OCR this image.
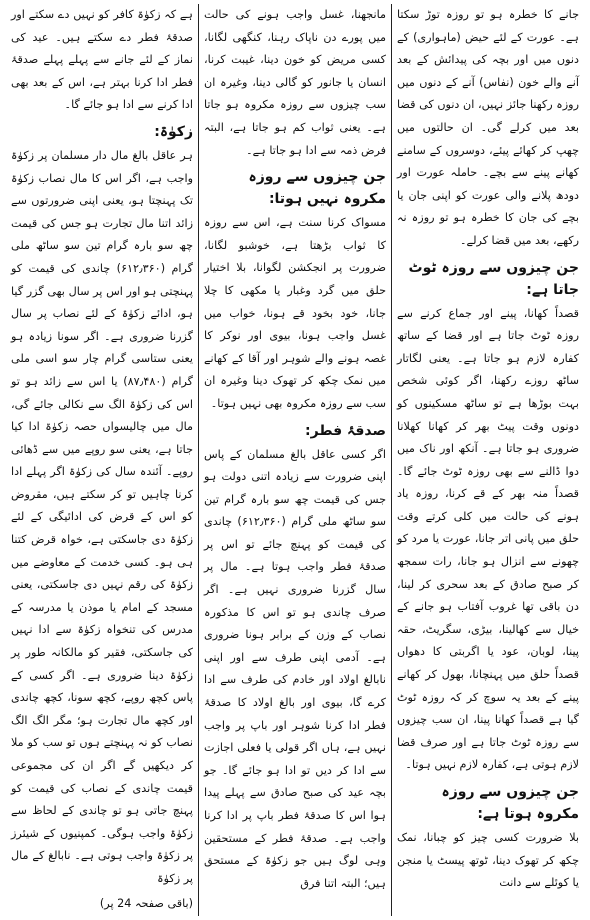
جانے کا خطرہ ہو تو روزہ توڑ سکتا ہے۔ عورت کے لئے حیض (ماہواری) کے دنوں میں اور بچہ کی پیدائش کے بعد آنے والے خون (نفاس) آنے کے دنوں میں روزہ رکھنا جائز نہیں، ان دنوں کی قضا بعد میں کرلے گی۔ ان حالتوں میں چھپ کر کھائے پیئے، دوسروں کے سامنے کھانے پینے سے بچے۔ حاملہ عورت اور دودھ پلانے والی عورت کو اپنی جان یا بچے کی جان کا خطرہ ہو تو روزہ نہ رکھے، بعد میں قضا کرلے۔

جن چیزوں سے روزہ ٹوٹ جاتا ہے:

قصداً کھانا، پینے اور جماع کرنے سے روزہ ٹوٹ جاتا ہے اور قضا کے ساتھ کفارہ لازم ہو جاتا ہے۔ یعنی لگاتار ساٹھ روزے رکھنا، اگر کوئی شخص بہت بوڑھا ہے تو ساٹھ مسکینوں کو دونوں وقت پیٹ بھر کر کھانا کھلانا ضروری ہو جاتا ہے۔ آنکھ اور ناک میں دوا ڈالنے سے بھی روزہ ٹوٹ جائے گا۔ قصداً منہ بھر کے قے کرنا، روزہ یاد ہونے کی حالت میں کلی کرتے وقت حلق میں پانی اتر جانا، عورت یا مرد کو چھونے سے انزال ہو جانا، رات سمجھ کر صبح صادق کے بعد سحری کر لینا، دن باقی تھا غروب آفتاب ہو جانے کے خیال سے کھالینا، بیڑی، سگریٹ، حقہ پینا، لوبان، عود یا اگربتی کا دھواں قصداً حلق میں پہنچانا، بھول کر کھانے پینے کے بعد یہ سوچ کر کہ روزہ ٹوٹ گیا ہے قصداً کھانا پینا، ان سب چیزوں سے روزہ ٹوٹ جاتا ہے اور صرف قضا لازم ہوتی ہے، کفارہ لازم نہیں ہوتا۔

جن چیزوں سے روزہ مکروہ ہوتا ہے:

بلا ضرورت کسی چیز کو چبانا، نمک چکھ کر تھوک دینا، ٹوتھ پیسٹ یا منجن یا کوئلے سے دانت

مانجھنا، غسل واجب ہونے کی حالت میں پورے دن ناپاک رہنا، کنگھی لگانا، کسی مریض کو خون دینا، غیبت کرنا، انسان یا جانور کو گالی دینا، وغیرہ ان سب چیزوں سے روزہ مکروہ ہو جاتا ہے۔ یعنی ثواب کم ہو جاتا ہے، البتہ فرض ذمہ سے ادا ہو جاتا ہے۔

جن چیزوں سے روزہ مکروہ نہیں ہوتا:

مسواک کرنا سنت ہے، اس سے روزہ کا ثواب بڑھتا ہے، خوشبو لگانا، ضرورت پر انجکشن لگوانا، بلا اختیار حلق میں گرد وغبار یا مکھی کا چلا جانا، خود بخود قے ہونا، خواب میں غسل واجب ہونا، بیوی اور نوکر کا غصہ ہونے والے شوہر اور آقا کے کھانے میں نمک چکھ کر تھوک دینا وغیرہ ان سب سے روزہ مکروہ بھی نہیں ہوتا۔

صدقۂ فطر:

اگر کسی عاقل بالغ مسلمان کے پاس اپنی ضرورت سے زیادہ اتنی دولت ہو جس کی قیمت چھ سو بارہ گرام تین سو ساٹھ ملی گرام (۶۱۲٫۳۶۰) چاندی کی قیمت کو پہنچ جائے تو اس پر صدقۂ فطر واجب ہوتا ہے۔ مال پر سال گزرنا ضروری نہیں ہے۔ اگر صرف چاندی ہو تو اس کا مذکورہ نصاب کے وزن کے برابر ہونا ضروری ہے۔ آدمی اپنی طرف سے اور اپنی نابالغ اولاد اور خادم کی طرف سے ادا کرے گا، بیوی اور بالغ اولاد کا صدقۂ فطر ادا کرنا شوہر اور باپ پر واجب نہیں ہے، ہاں اگر قولی یا فعلی اجازت سے ادا کر دیں تو ادا ہو جائے گا۔ جو بچہ عید کی صبح صادق سے پہلے پیدا ہوا اس کا صدقۂ فطر باپ پر ادا کرنا واجب ہے۔ صدقۂ فطر کے مستحقین وہی لوگ ہیں جو زکوٰۃ کے مستحق ہیں؛ البتہ اتنا فرق

ہے کہ زکوٰۃ کافر کو نہیں دے سکتے اور صدقۂ فطر دے سکتے ہیں۔ عید کی نماز کے لئے جانے سے پہلے پہلے صدقۂ فطر ادا کرنا بہتر ہے، اس کے بعد بھی ادا کرنے سے ادا ہو جائے گا۔

زکوٰۃ:

ہر عاقل بالغ مال دار مسلمان پر زکوٰۃ واجب ہے، اگر اس کا مال نصاب زکوٰۃ تک پہنچتا ہو، یعنی اپنی ضرورتوں سے زائد اتنا مال تجارت ہو جس کی قیمت چھ سو بارہ گرام تین سو ساٹھ ملی گرام (۶۱۲٫۳۶۰) چاندی کی قیمت کو پہنچتی ہو اور اس پر سال بھی گزر گیا ہو، ادائے زکوٰۃ کے لئے نصاب پر سال گزرنا ضروری ہے۔ اگر سونا زیادہ ہو یعنی ستاسی گرام چار سو اسی ملی گرام (۸۷٫۴۸۰) یا اس سے زائد ہو تو اس کی زکوٰۃ الگ سے نکالی جائے گی، مال میں چالیسواں حصہ زکوٰۃ ادا کیا جاتا ہے، یعنی سو روپے میں سے ڈھائی روپے۔ آئندہ سال کی زکوٰۃ اگر پہلے ادا کرنا چاہیں تو کر سکتے ہیں، مقروض کو اس کے قرض کی ادائیگی کے لئے زکوٰۃ دی جاسکتی ہے، خواہ قرض کتنا ہی ہو۔ کسی خدمت کے معاوضے میں زکوٰۃ کی رقم نہیں دی جاسکتی، یعنی مسجد کے امام یا موذن یا مدرسہ کے مدرس کی تنخواہ زکوٰۃ سے ادا نہیں کی جاسکتی، فقیر کو مالکانہ طور پر زکوٰۃ دینا ضروری ہے۔ اگر کسی کے پاس کچھ روپے، کچھ سونا، کچھ چاندی اور کچھ مال تجارت ہو؛ مگر الگ الگ نصاب کو نہ پہنچتے ہوں تو سب کو ملا کر دیکھیں گے اگر ان کی مجموعی قیمت چاندی کے نصاب کی قیمت کو پہنچ جاتی ہو تو چاندی کے لحاظ سے زکوٰۃ واجب ہوگی۔ کمپنیوں کے شیئرز پر زکوٰۃ واجب ہوتی ہے۔ نابالغ کے مال پر زکوٰۃ

(باقی صفحہ 24 پر)
